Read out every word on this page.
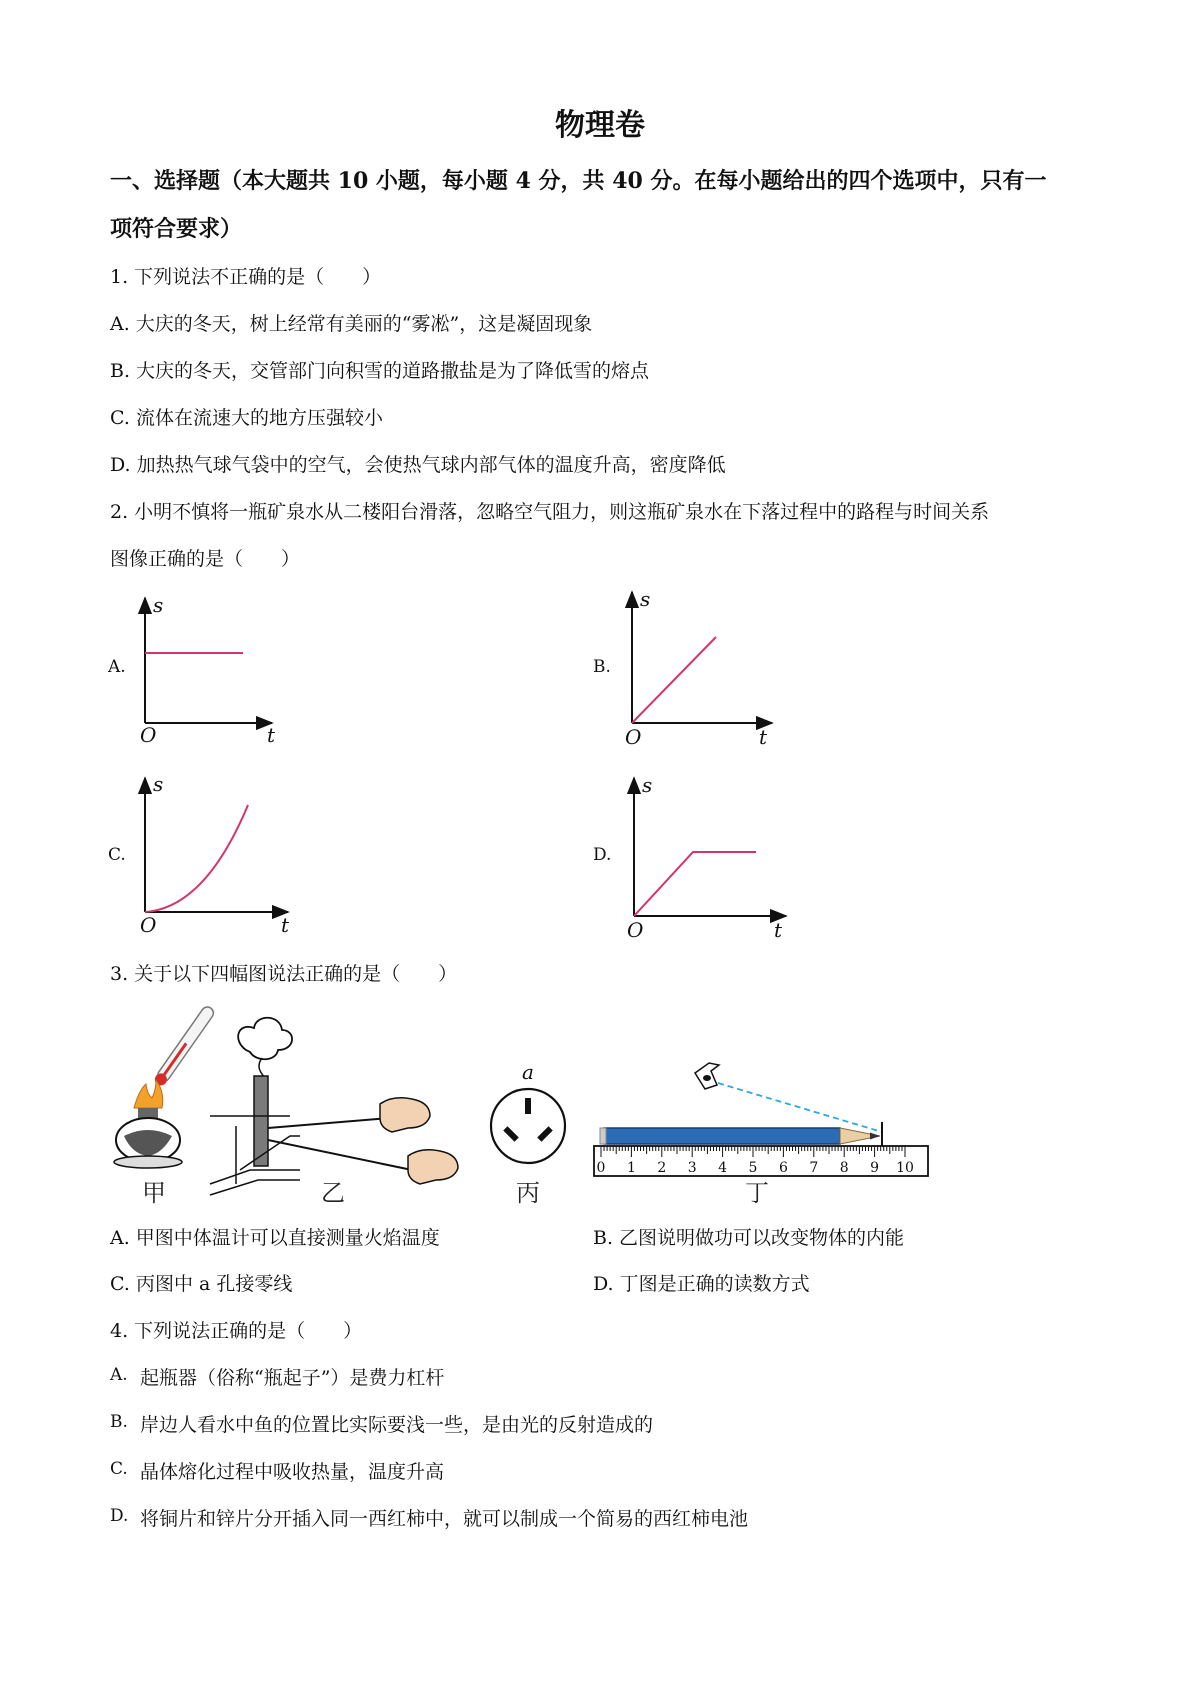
物理卷
一、选择题（本大题共 10 小题，每小题 4 分，共 40 分。在每小题给出的四个选项中，只有一
项符合要求）
1. 下列说法不正确的是（　　）
A. 大庆的冬天，树上经常有美丽的“雾凇”，这是凝固现象
B. 大庆的冬天，交管部门向积雪的道路撒盐是为了降低雪的熔点
C. 流体在流速大的地方压强较小
D. 加热热气球气袋中的空气，会使热气球内部气体的温度升高，密度降低
2. 小明不慎将一瓶矿泉水从二楼阳台滑落，忽略空气阻力，则这瓶矿泉水在下落过程中的路程与时间关系
图像正确的是（　　）
A.	B.
C.	D.
s
O	t
s
O	t
s
O	t
s
O	t
a
0 1 2 3 4 5 6 7 8 9 10
甲	乙	丙	丁
3. 关于以下四幅图说法正确的是（　　）
A. 甲图中体温计可以直接测量火焰温度	B. 乙图说明做功可以改变物体的内能
C. 丙图中 a 孔接零线	D. 丁图是正确的读数方式
4. 下列说法正确的是（　　）
A. 起瓶器（俗称“瓶起子”）是费力杠杆
B. 岸边人看水中鱼的位置比实际要浅一些，是由光的反射造成的
C. 晶体熔化过程中吸收热量，温度升高
D. 将铜片和锌片分开插入同一西红柿中，就可以制成一个简易的西红柿电池
